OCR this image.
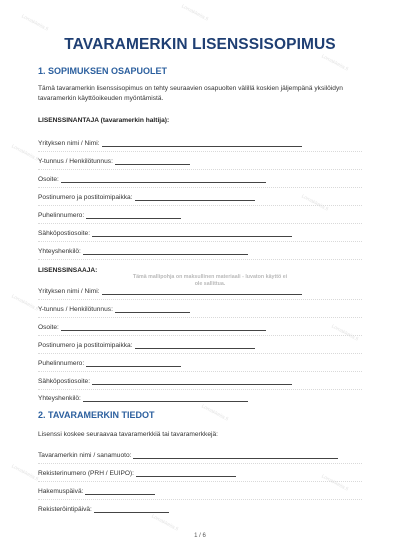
TAVARAMERKIN LISENSSISOPIMUS
1. SOPIMUKSEN OSAPUOLET
Tämä tavaramerkin lisenssisopimus on tehty seuraavien osapuolten välillä koskien jäljempänä yksilöidyn tavaramerkin käyttöoikeuden myöntämistä.
LISENSSINANTAJA (tavaramerkin haltija):
Yrityksen nimi / Nimi:
Y-tunnus / Henkilötunnus:
Osoite:
Postinumero ja postitoimipaikka:
Puhelinnumero:
Sähköpostiosoite:
Yhteyshenkilö:
LISENSSINSAAJA:
Tämä mallipohja on maksullinen materiaali - luvaton käyttö ei ole sallittua.
Yrityksen nimi / Nimi:
Y-tunnus / Henkilötunnus:
Osoite:
Postinumero ja postitoimipaikka:
Puhelinnumero:
Sähköpostiosoite:
Yhteyshenkilö:
2. TAVARAMERKIN TIEDOT
Lisenssi koskee seuraavaa tavaramerkkiä tai tavaramerkkejä:
Tavaramerkin nimi / sanamuoto:
Rekisterinumero (PRH / EUIPO):
Hakemuspäivä:
Rekisteröintipäivä:
1 / 6
Lomakkeita.fi
Lomakkeita.fi
Lomakkeita.fi
Lomakkeita.fi
Lomakkeita.fi
Lomakkeita.fi
Lomakkeita.fi
Lomakkeita.fi
Lomakkeita.fi
Lomakkeita.fi
Lomakkeita.fi
